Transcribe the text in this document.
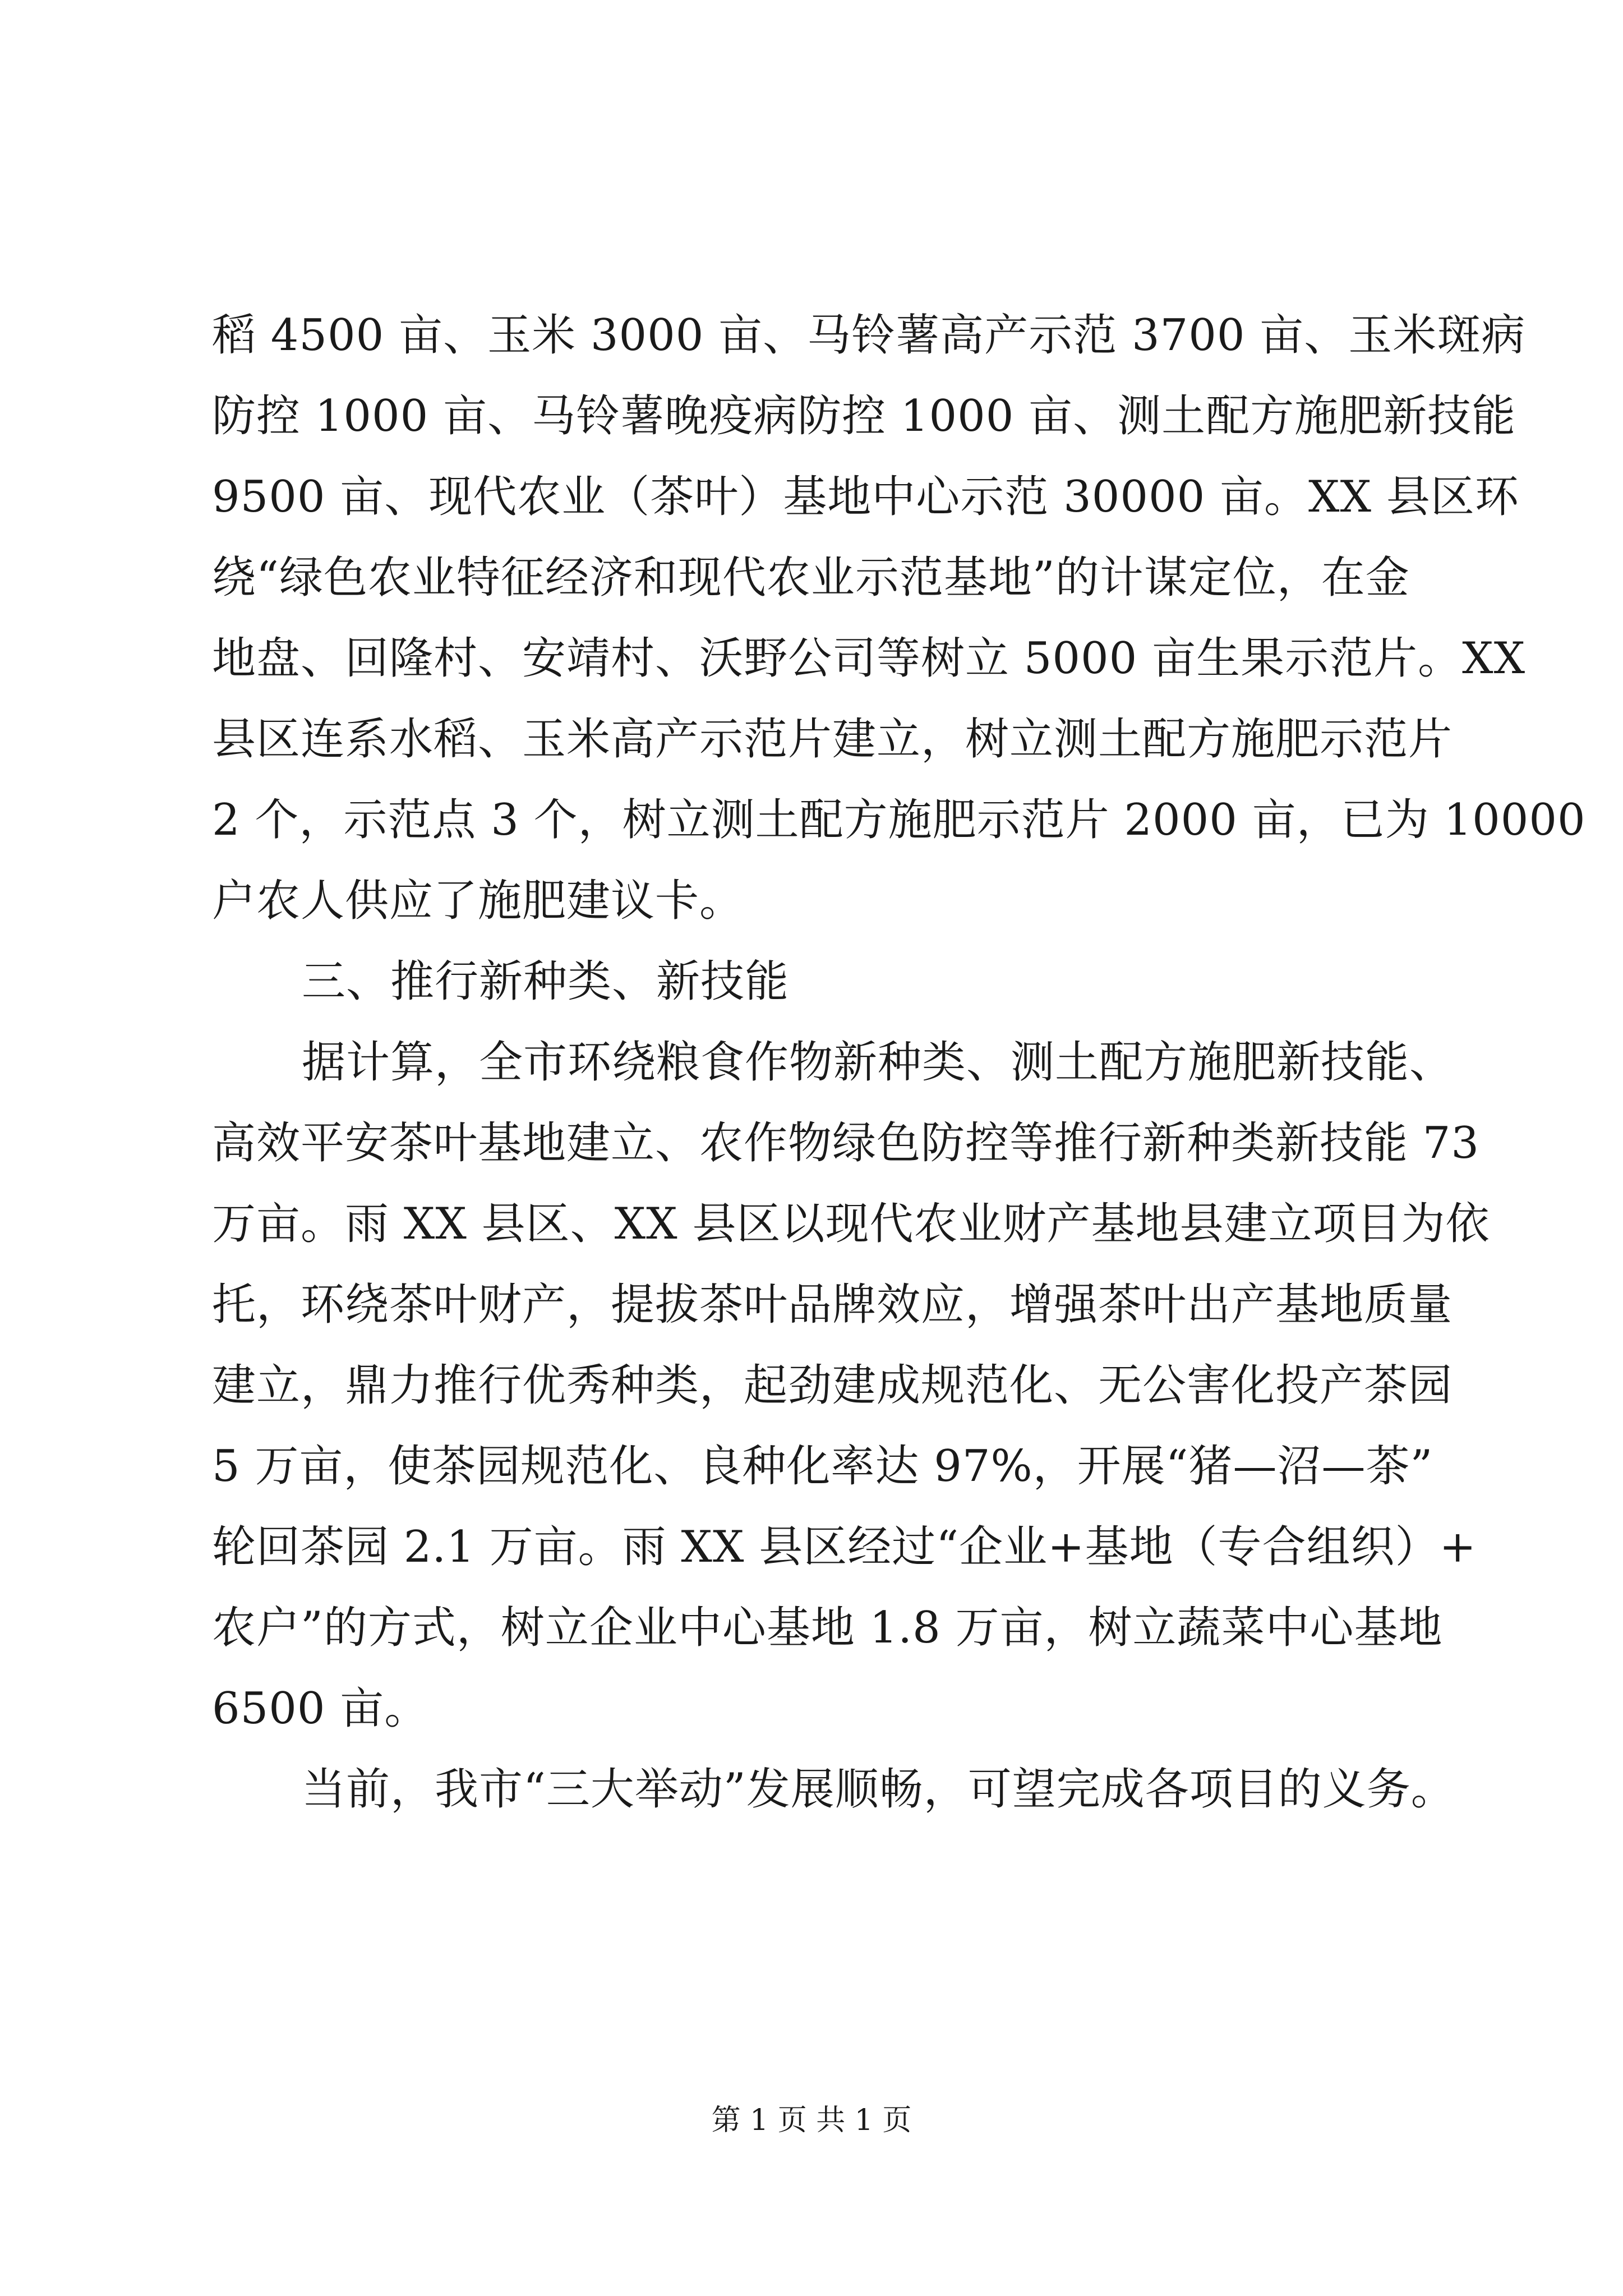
稻 4500 亩、玉米 3000 亩、马铃薯高产示范 3700 亩、玉米斑病
防控 1000 亩、马铃薯晚疫病防控 1000 亩、测土配方施肥新技能
9500 亩、现代农业（茶叶）基地中心示范 30000 亩。XX 县区环
绕“绿色农业特征经济和现代农业示范基地”的计谋定位，在金
地盘、回隆村、安靖村、沃野公司等树立 5000 亩生果示范片。XX
县区连系水稻、玉米高产示范片建立，树立测土配方施肥示范片
2 个，示范点 3 个，树立测土配方施肥示范片 2000 亩，已为 10000
户农人供应了施肥建议卡。
三、推行新种类、新技能
据计算，全市环绕粮食作物新种类、测土配方施肥新技能、
高效平安茶叶基地建立、农作物绿色防控等推行新种类新技能 73
万亩。雨 XX 县区、XX 县区以现代农业财产基地县建立项目为依
托，环绕茶叶财产，提拔茶叶品牌效应，增强茶叶出产基地质量
建立，鼎力推行优秀种类，起劲建成规范化、无公害化投产茶园
5 万亩，使茶园规范化、良种化率达 97%，开展“猪—沼—茶”
轮回茶园 2.1 万亩。雨 XX 县区经过“企业+基地（专合组织）+
农户”的方式，树立企业中心基地 1.8 万亩，树立蔬菜中心基地
6500 亩。
当前，我市“三大举动”发展顺畅，可望完成各项目的义务。
第 1 页 共 1 页
